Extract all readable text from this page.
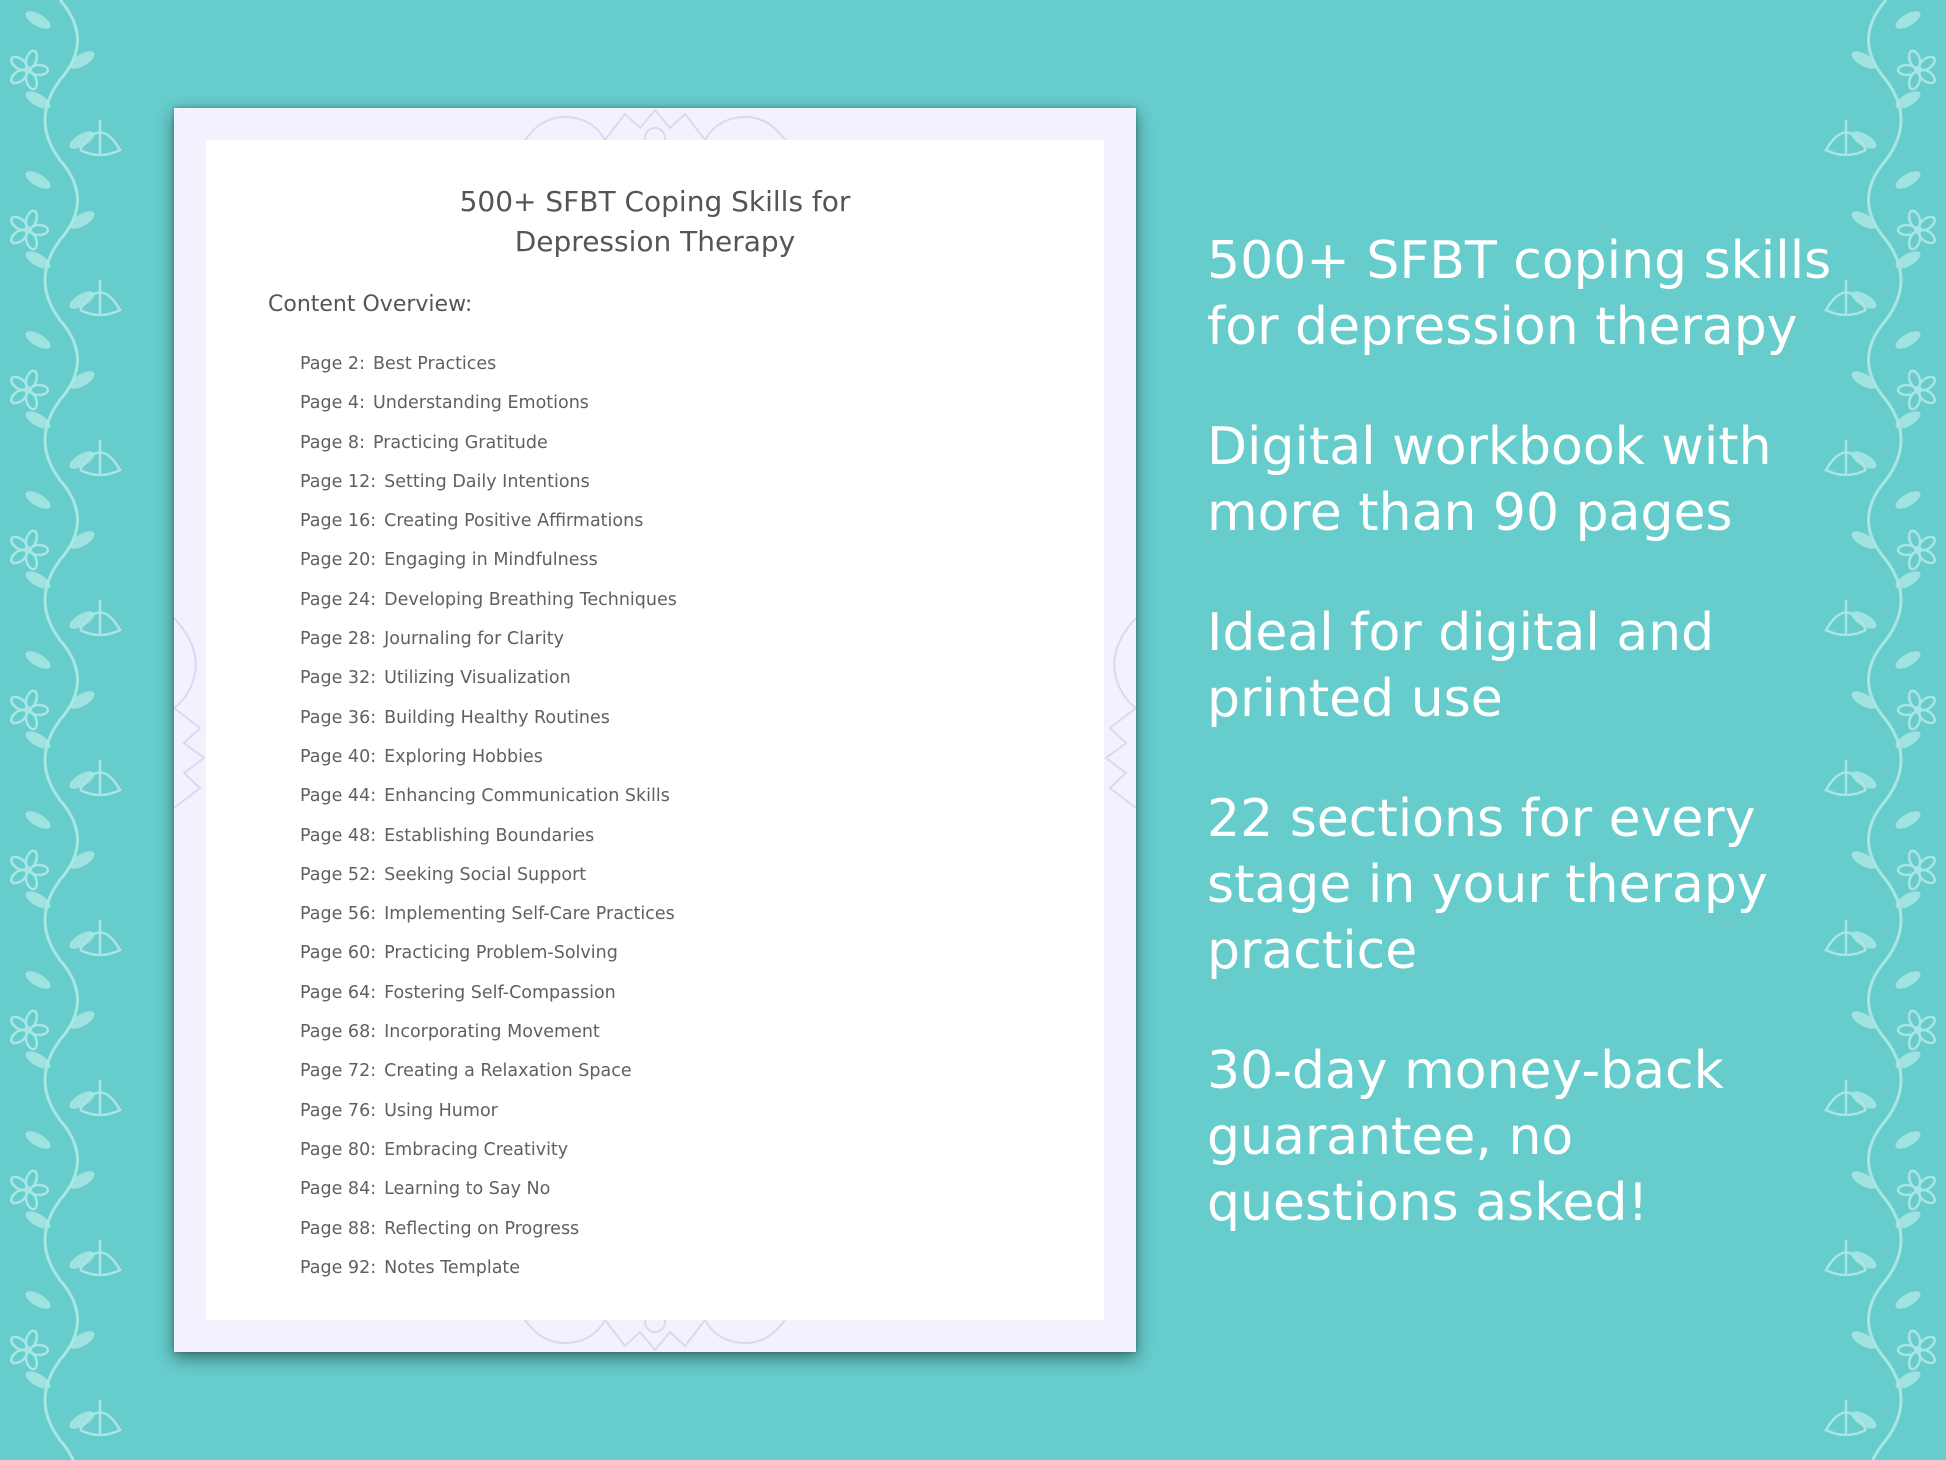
500+ SFBT Coping Skills for
Depression Therapy
Content Overview:
Page 2: Best Practices
Page 4: Understanding Emotions
Page 8: Practicing Gratitude
Page 12: Setting Daily Intentions
Page 16: Creating Positive Affirmations
Page 20: Engaging in Mindfulness
Page 24: Developing Breathing Techniques
Page 28: Journaling for Clarity
Page 32: Utilizing Visualization
Page 36: Building Healthy Routines
Page 40: Exploring Hobbies
Page 44: Enhancing Communication Skills
Page 48: Establishing Boundaries
Page 52: Seeking Social Support
Page 56: Implementing Self-Care Practices
Page 60: Practicing Problem-Solving
Page 64: Fostering Self-Compassion
Page 68: Incorporating Movement
Page 72: Creating a Relaxation Space
Page 76: Using Humor
Page 80: Embracing Creativity
Page 84: Learning to Say No
Page 88: Reflecting on Progress
Page 92: Notes Template
500+ SFBT coping skills
for depression therapy
Digital workbook with
more than 90 pages
Ideal for digital and
printed use
22 sections for every
stage in your therapy
practice
30-day money-back
guarantee, no
questions asked!
